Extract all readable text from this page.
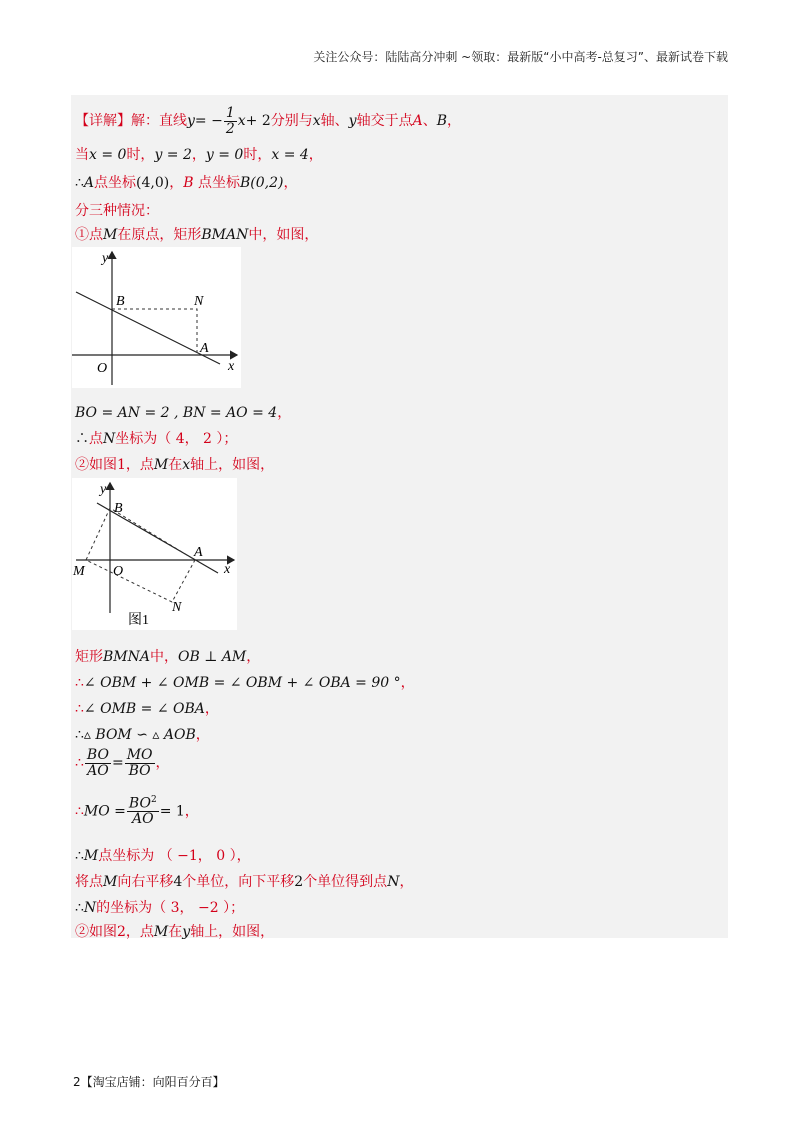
关注公众号：陆陆高分冲刺 ~领取：最新版“小中高考-总复习”、最新试卷下载
【详解】解：直线$y= - \frac{1}{2} x+ 2$分别与x轴、y轴交于点A、B，
当x = 0时，y = 2，y = 0时，x = 4，
∴A点坐标(4,0)，B 点坐标B(0,2)，
分三种情况：
①点M在原点，矩形BMAN中，如图，
y
x
O
B	N
A
BO = AN = 2 , BN = AO = 4，
∴点N坐标为（ 4， 2 ）；
②如图1，点M在x轴上，如图，
y
x
O
B
A
M
N
图1
矩形BMNA中，OB ⊥ AM，
∴∠ OBM + ∠ OMB = ∠ OBM + ∠ OBA = 90 °，
∴∠ OMB = ∠ OBA，
∴▵ BOM ∽ ▵ AOB，
∴ $\frac{BO}{AO} = \frac{MO}{BO}$ ，
∴MO = $\frac{BO^2}{AO} = 1$，
∴M点坐标为 （ −1， 0 ），
将点M向右平移4个单位，向下平移2个单位得到点N，
∴N的坐标为（ 3， −2 ）；
②如图2，点M在y轴上，如图，
2【淘宝店铺：向阳百分百】
